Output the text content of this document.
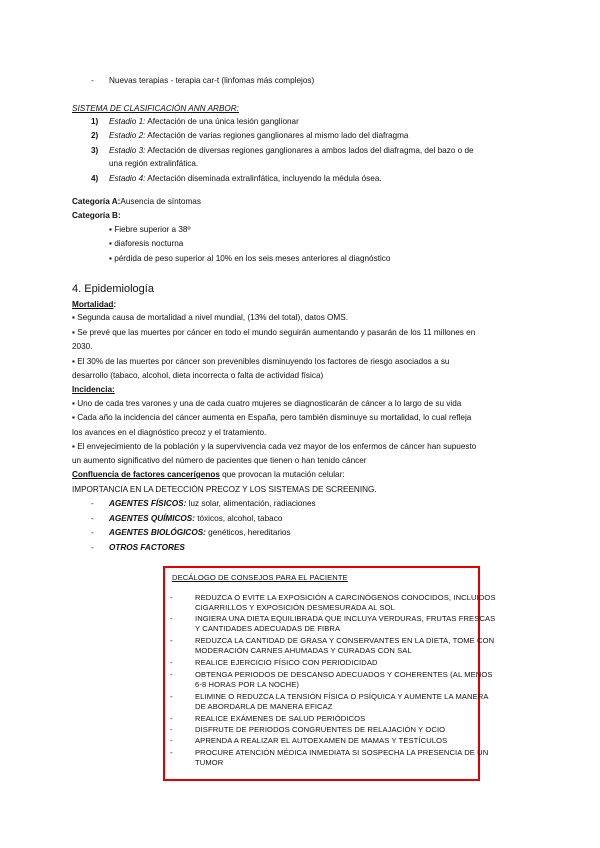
- Nuevas terapias - terapia car-t (linfomas más complejos)
SISTEMA DE CLASIFICACIÓN ANN ARBOR:
1) Estadio 1: Afectación de una única lesión ganglionar
2) Estadio 2: Afectación de varias regiones ganglionares al mismo lado del diafragma
3) Estadio 3: Afectación de diversas regiones ganglionares a ambos lados del diafragma, del bazo o de
una región extralinfática.
4) Estadio 4: Afectación diseminada extralinfática, incluyendo la médula ósea.
Categoría A:Ausencia de síntomas
Categoría B:
▪ Fiebre superior a 38º
▪ diaforesis nocturna
▪ pérdida de peso superior al 10% en los seis meses anteriores al diagnóstico
4. Epidemiología
Mortalidad:
▪ Segunda causa de mortalidad a nivel mundial, (13% del total), datos OMS.
▪ Se prevé que las muertes por cáncer en todo el mundo seguirán aumentando y pasarán de los 11 millones en
2030.
▪ El 30% de las muertes por cáncer son prevenibles disminuyendo los factores de riesgo asociados a su
desarrollo (tabaco, alcohol, dieta incorrecta o falta de actividad física)
Incidencia:
▪ Uno de cada tres varones y una de cada cuatro mujeres se diagnosticarán de cáncer a lo largo de su vida
▪ Cada año la incidencia del cáncer aumenta en España, pero también disminuye su mortalidad, lo cual refleja
los avances en el diagnóstico precoz y el tratamiento.
▪ El envejecimiento de la población y la supervivencia cada vez mayor de los enfermos de cáncer han supuesto
un aumento significativo del número de pacientes que tienen o han tenido cáncer
Confluencia de factores cancerígenos que provocan la mutación celular:
IMPORTANCIA EN LA DETECCIÓN PRECOZ Y LOS SISTEMAS DE SCREENING.
- AGENTES FÍSICOS: luz solar, alimentación, radiaciones
- AGENTES QUÍMICOS: tóxicos, alcohol, tabaco
- AGENTES BIOLÓGICOS: genéticos, hereditarios
- OTROS FACTORES
DECÁLOGO DE CONSEJOS PARA EL PACIENTE
-	REDUZCA O EVITE LA EXPOSICIÓN A CARCINÓGENOS CONOCIDOS, INCLUIDOS
CIGARRILLOS Y EXPOSICIÓN DESMESURADA AL SOL
-	INGIERA UNA DIETA EQUILIBRADA QUE INCLUYA VERDURAS, FRUTAS FRESCAS
Y CANTIDADES ADECUADAS DE FIBRA
-	REDUZCA LA CANTIDAD DE GRASA Y CONSERVANTES EN LA DIETA, TOME CON
MODERACIÓN CARNES AHUMADAS Y CURADAS CON SAL
-	REALICE EJERCICIO FÍSICO CON PERIODICIDAD
-	OBTENGA PERIODOS DE DESCANSO ADECUADOS Y COHERENTES (AL MENOS
6-8 HORAS POR LA NOCHE)
-	ELIMINE O REDUZCA LA TENSIÓN FÍSICA O PSÍQUICA Y AUMENTE LA MANERA
DE ABORDARLA DE MANERA EFICAZ
-	REALICE EXÁMENES DE SALUD PERIÓDICOS
-	DISFRUTE DE PERIODOS CONGRUENTES DE RELAJACIÓN Y OCIO
-	APRENDA A REALIZAR EL AUTOEXAMEN DE MAMAS Y TESTÍCULOS
-	PROCURE ATENCIÓN MÉDICA INMEDIATA SI SOSPECHA LA PRESENCIA DE UN
TUMOR
